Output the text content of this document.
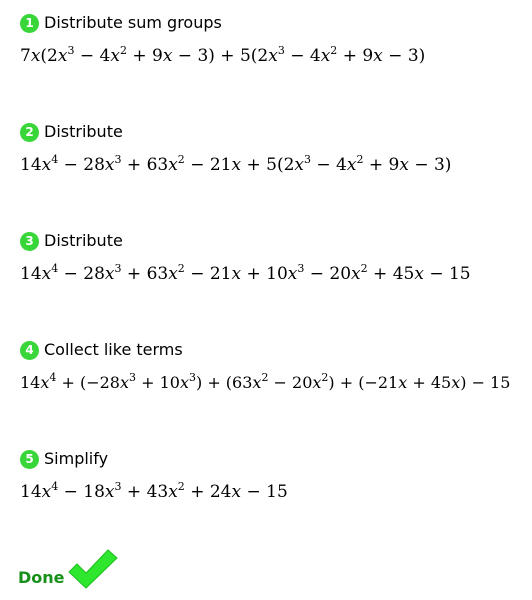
1 Distribute sum groups
$7x(2x^3 - 4x^2 + 9x - 3) + 5(2x^3 - 4x^2 + 9x - 3)$
2 Distribute
$14x^4 - 28x^3 + 63x^2 - 21x + 5(2x^3 - 4x^2 + 9x - 3)$
3 Distribute
$14x^4 - 28x^3 + 63x^2 - 21x + 10x^3 - 20x^2 + 45x - 15$
4 Collect like terms
$14x^4 + (-28x^3 + 10x^3) + (63x^2 - 20x^2) + (-21x + 45x) - 15$
5 Simplify
$14x^4 - 18x^3 + 43x^2 + 24x - 15$
Done
